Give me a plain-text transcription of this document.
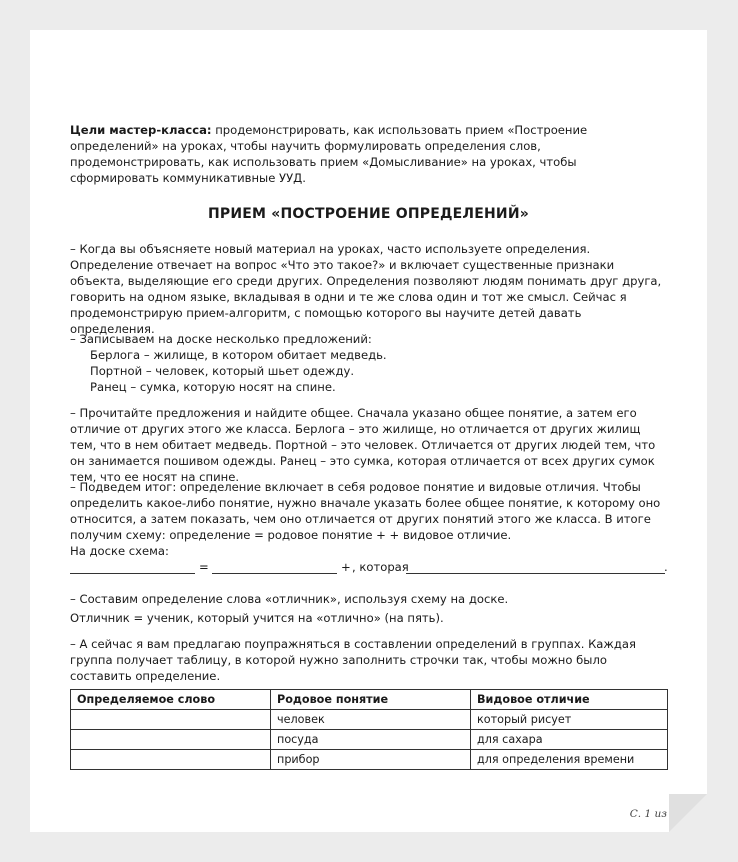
Цели мастер-класса: продемонстрировать, как использовать прием «Построение определений» на уроках, чтобы научить формулировать определения слов, продемонстрировать, как использовать прием «Домысливание» на уроках, чтобы сформировать коммуникативные УУД.

ПРИЕМ «ПОСТРОЕНИЕ ОПРЕДЕЛЕНИЙ»

– Когда вы объясняете новый материал на уроках, часто используете определения. Определение отвечает на вопрос «Что это такое?» и включает существенные признаки объекта, выделяющие его среди других. Определения позволяют людям понимать друг друга, говорить на одном языке, вкладывая в одни и те же слова один и тот же смысл. Сейчас я продемонстрирую прием-алгоритм, с помощью которого вы научите детей давать определения.

– Записываем на доске несколько предложений:

Берлога – жилище, в котором обитает медведь.

Портной – человек, который шьет одежду.

Ранец – сумка, которую носят на спине.

– Прочитайте предложения и найдите общее. Сначала указано общее понятие, а затем его отличие от других этого же класса. Берлога – это жилище, но отличается от других жилищ тем, что в нем обитает медведь. Портной – это человек. Отличается от других людей тем, что он занимается пошивом одежды. Ранец – это сумка, которая отличается от всех других сумок тем, что ее носят на спине.

– Подведем итог: определение включает в себя родовое понятие и видовые отличия. Чтобы определить какое-либо понятие, нужно вначале указать более общее понятие, к которому оно относится, а затем показать, чем оно отличается от других понятий этого же класса. В итоге получим схему: определение = родовое понятие + + видовое отличие.

На доске схема:

=	+ , которая	.

– Составим определение слова «отличник», используя схему на доске.

Отличник = ученик, который учится на «отлично» (на пять).

– А сейчас я вам предлагаю поупражняться в составлении определений в группах. Каждая группа получает таблицу, в которой нужно заполнить строчки так, чтобы можно было составить определение.

Определяемое слово	Родовое понятие	Видовое отличие
	человек	который рисует
	посуда	для сахара
	прибор	для определения времени
С. 1 из 2
